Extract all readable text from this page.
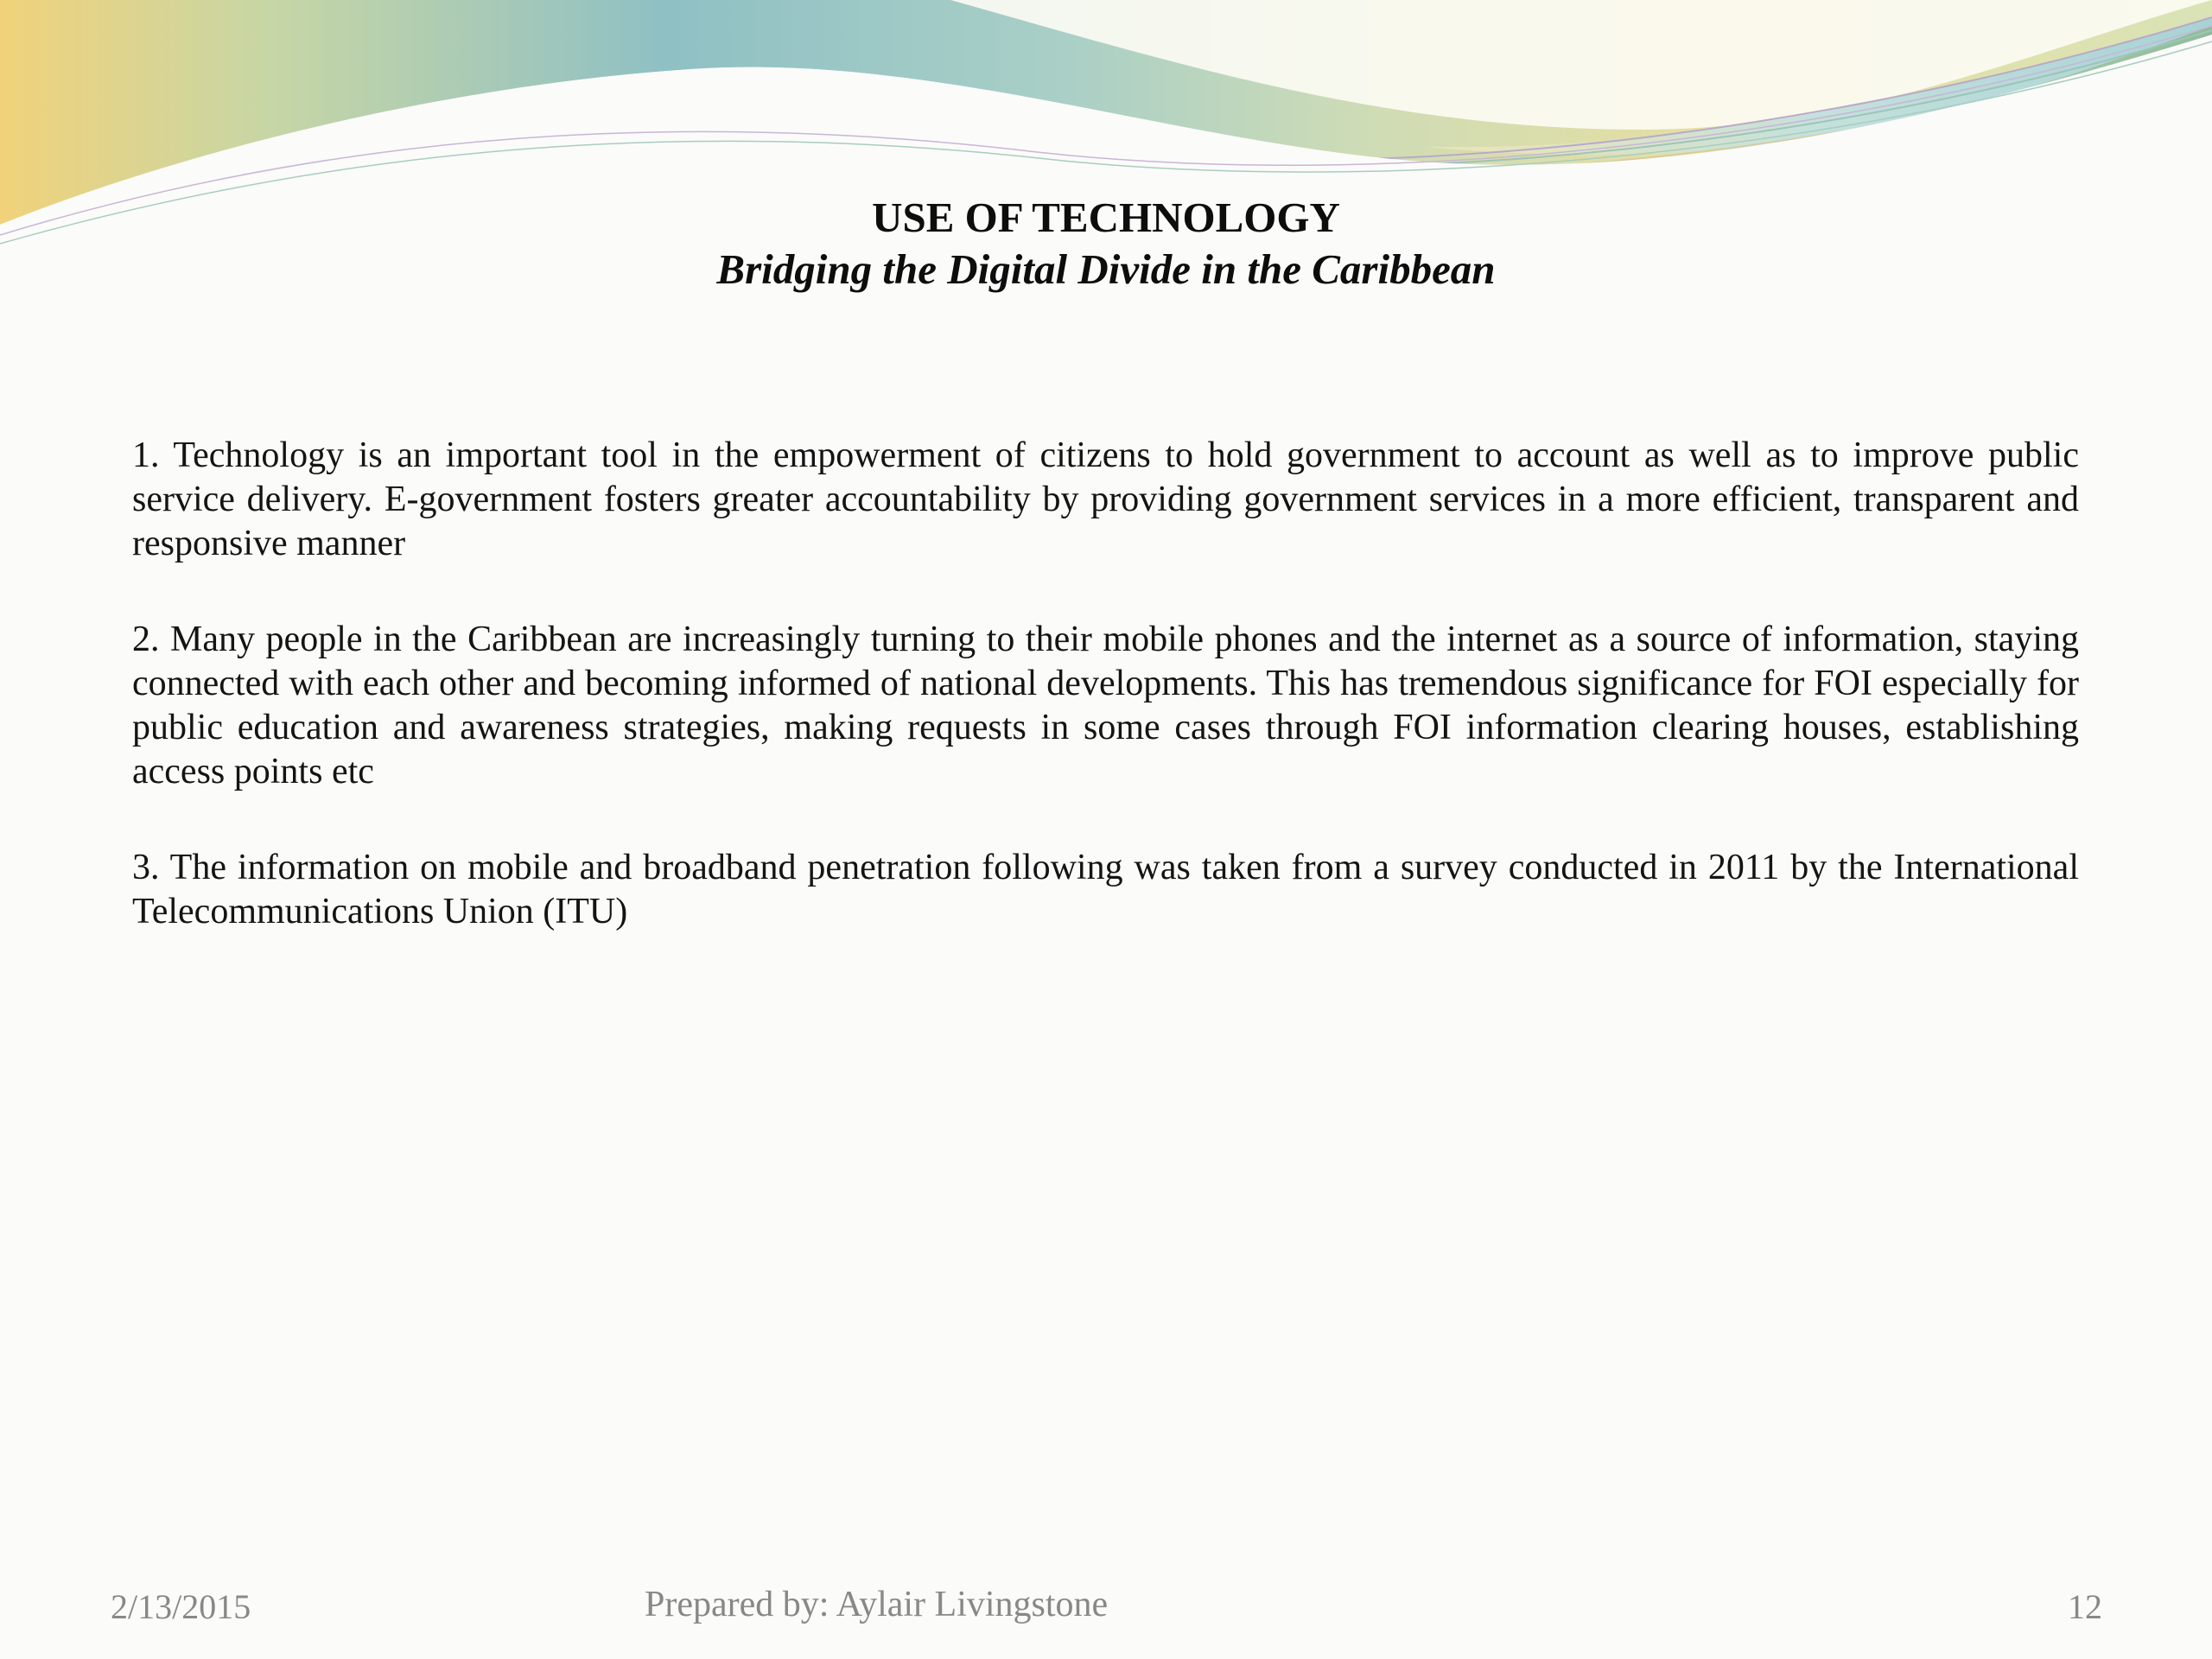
USE OF TECHNOLOGY
Bridging the Digital Divide in the Caribbean

1. Technology is an important tool in the empowerment of citizens to hold government to account as well as to improve public service delivery. E-government fosters greater accountability by providing government services in a more efficient, transparent and responsive manner

2. Many people in the Caribbean are increasingly turning to their mobile phones and the internet as a source of information, staying connected with each other and becoming informed of national developments. This has tremendous significance for FOI especially for public education and awareness strategies, making requests in some cases through FOI information clearing houses, establishing access points etc

3. The information on mobile and broadband penetration following was taken from a survey conducted in 2011 by the International Telecommunications Union (ITU)

2/13/2015	Prepared by: Aylair Livingstone	12
